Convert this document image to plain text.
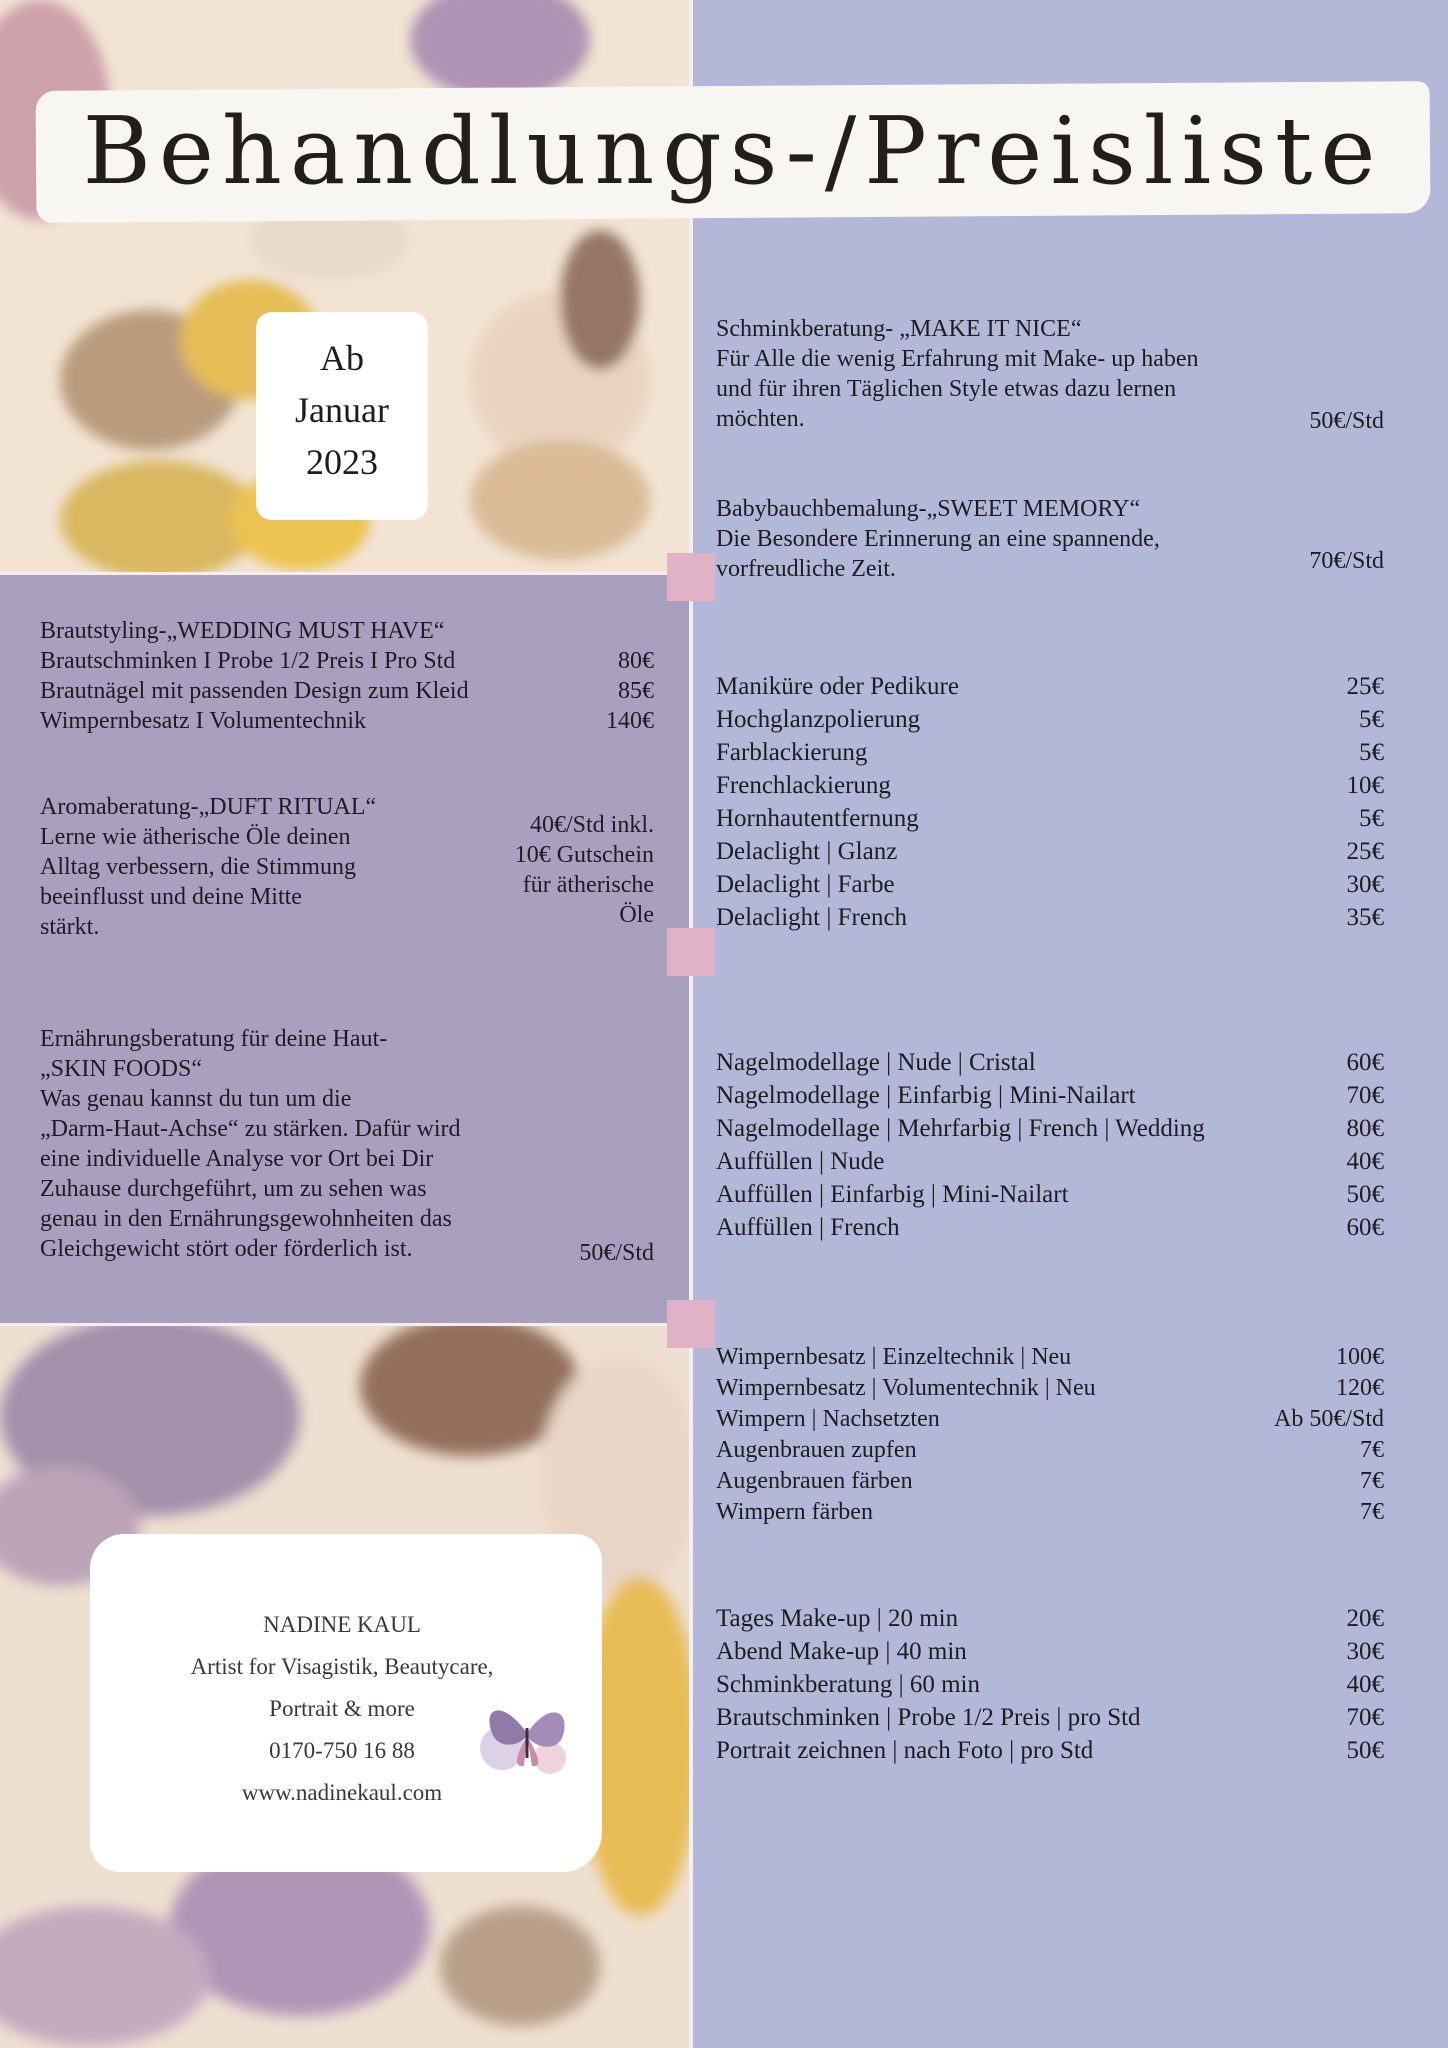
Behandlungs-/Preisliste
Ab
Januar
2023
Brautstyling-„WEDDING MUST HAVE“
Brautschminken I Probe 1/2 Preis I Pro Std	80€
Brautnägel mit passenden Design zum Kleid	85€
Wimpernbesatz I Volumentechnik	140€
Aromaberatung-„DUFT RITUAL“
Lerne wie ätherische Öle deinen
Alltag verbessern, die Stimmung
beeinflusst und deine Mitte
stärkt.
40€/Std inkl.
10€ Gutschein
für ätherische
Öle
Ernährungsberatung für deine Haut-
„SKIN FOODS“
Was genau kannst du tun um die
„Darm-Haut-Achse“ zu stärken. Dafür wird
eine individuelle Analyse vor Ort bei Dir
Zuhause durchgeführt, um zu sehen was
genau in den Ernährungsgewohnheiten das
Gleichgewicht stört oder förderlich ist.	50€/Std
Schminkberatung- „MAKE IT NICE“
Für Alle die wenig Erfahrung mit Make- up haben
und für ihren Täglichen Style etwas dazu lernen
möchten.	50€/Std
Babybauchbemalung-„SWEET MEMORY“
Die Besondere Erinnerung an eine spannende,
vorfreudliche Zeit.	70€/Std
Maniküre oder Pedikure	25€
Hochglanzpolierung	5€
Farblackierung	5€
Frenchlackierung	10€
Hornhautentfernung	5€
Delaclight | Glanz	25€
Delaclight | Farbe	30€
Delaclight | French	35€
Nagelmodellage | Nude | Cristal	60€
Nagelmodellage | Einfarbig | Mini-Nailart	70€
Nagelmodellage | Mehrfarbig | French | Wedding	80€
Auffüllen | Nude	40€
Auffüllen | Einfarbig | Mini-Nailart	50€
Auffüllen | French	60€
Wimpernbesatz | Einzeltechnik | Neu	100€
Wimpernbesatz | Volumentechnik | Neu	120€
Wimpern | Nachsetzten	Ab 50€/Std
Augenbrauen zupfen	7€
Augenbrauen färben	7€
Wimpern färben	7€
Tages Make-up | 20 min	20€
Abend Make-up | 40 min	30€
Schminkberatung | 60 min	40€
Brautschminken | Probe 1/2 Preis | pro Std	70€
Portrait zeichnen | nach Foto | pro Std	50€
NADINE KAUL
Artist for Visagistik, Beautycare,
Portrait & more
0170-750 16 88
www.nadinekaul.com
